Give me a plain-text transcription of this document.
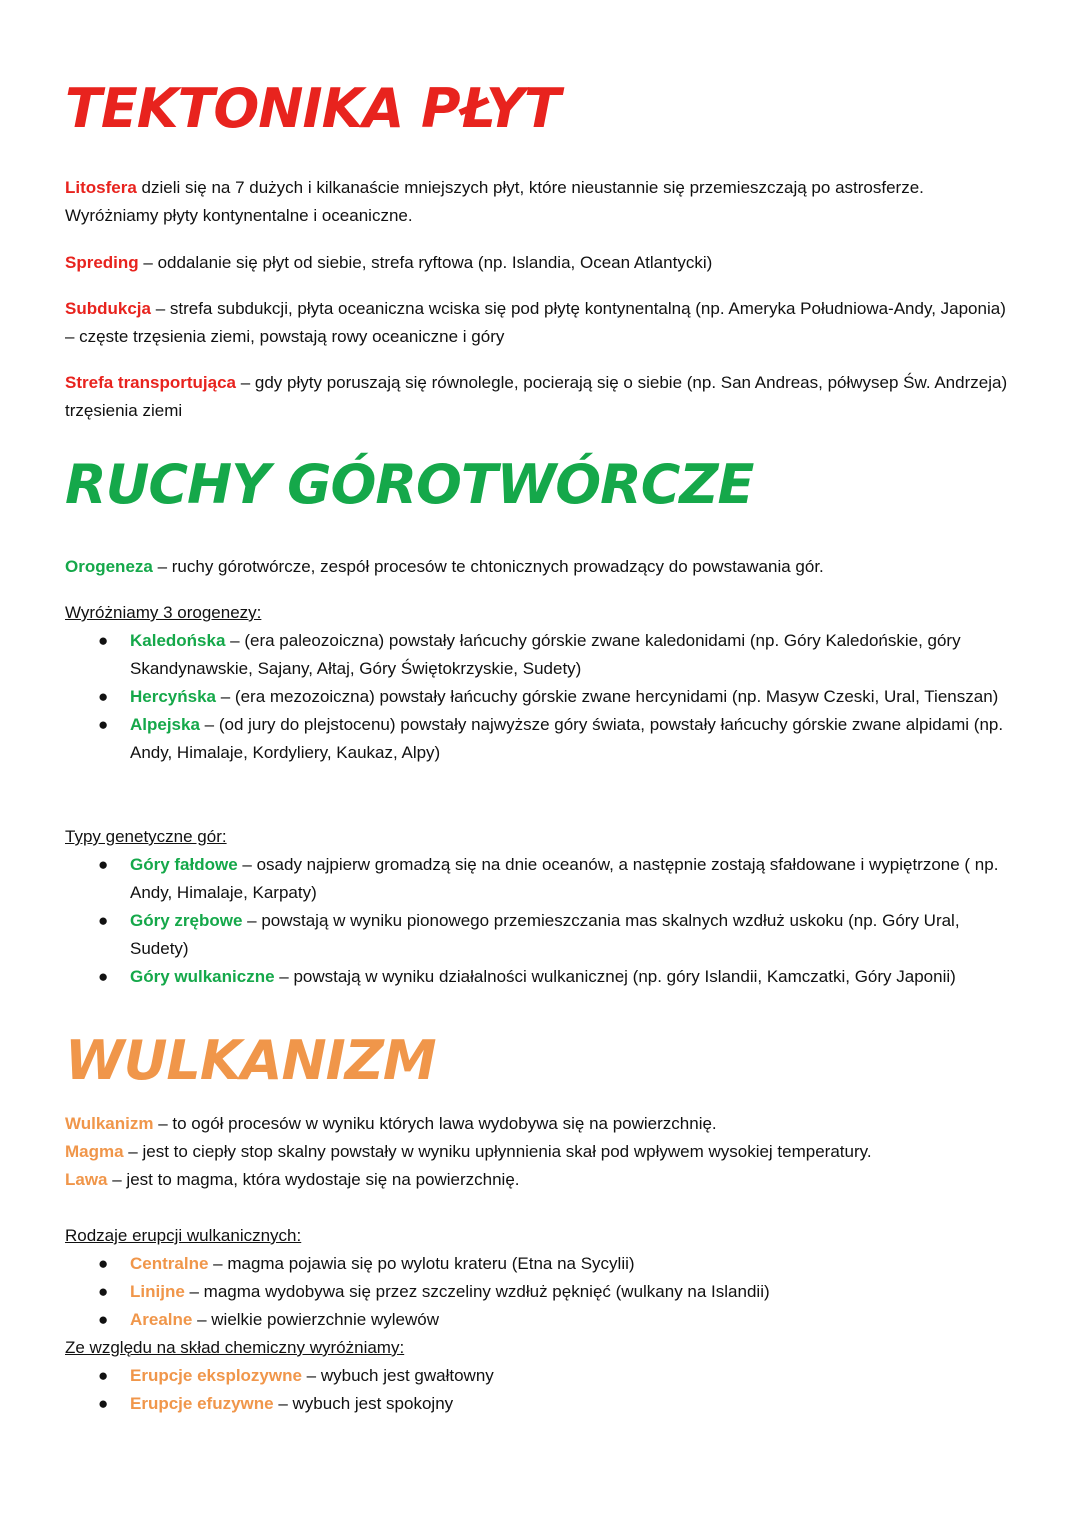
TEKTONIKA PŁYT

Litosfera dzieli się na 7 dużych i kilkanaście mniejszych płyt, które nieustannie się przemieszczają po astrosferze. Wyróżniamy płyty kontynentalne i oceaniczne.

Spreding – oddalanie się płyt od siebie, strefa ryftowa (np. Islandia, Ocean Atlantycki)

Subdukcja – strefa subdukcji, płyta oceaniczna wciska się pod płytę kontynentalną (np. Ameryka Południowa-Andy, Japonia) – częste trzęsienia ziemi, powstają rowy oceaniczne i góry

Strefa transportująca – gdy płyty poruszają się równolegle, pocierają się o siebie (np. San Andreas, półwysep Św. Andrzeja) trzęsienia ziemi

RUCHY GÓROTWÓRCZE

Orogeneza – ruchy górotwórcze, zespół procesów te chtonicznych prowadzący do powstawania gór.

Wyróżniamy 3 orogenezy:

● Kaledońska – (era paleozoiczna) powstały łańcuchy górskie zwane kaledonidami (np. Góry Kaledońskie, góry Skandynawskie, Sajany, Ałtaj, Góry Świętokrzyskie, Sudety)
● Hercyńska – (era mezozoiczna) powstały łańcuchy górskie zwane hercynidami (np. Masyw Czeski, Ural, Tienszan)
● Alpejska – (od jury do plejstocenu) powstały najwyższe góry świata, powstały łańcuchy górskie zwane alpidami (np. Andy, Himalaje, Kordyliery, Kaukaz, Alpy)

Typy genetyczne gór:

● Góry fałdowe – osady najpierw gromadzą się na dnie oceanów, a następnie zostają sfałdowane i wypiętrzone ( np. Andy, Himalaje, Karpaty)
● Góry zrębowe – powstają w wyniku pionowego przemieszczania mas skalnych wzdłuż uskoku (np. Góry Ural, Sudety)
● Góry wulkaniczne – powstają w wyniku działalności wulkanicznej (np. góry Islandii, Kamczatki, Góry Japonii)
WULKANIZM

Wulkanizm – to ogół procesów w wyniku których lawa wydobywa się na powierzchnię.

Magma – jest to ciepły stop skalny powstały w wyniku upłynnienia skał pod wpływem wysokiej temperatury.

Lawa – jest to magma, która wydostaje się na powierzchnię.

Rodzaje erupcji wulkanicznych:

● Centralne – magma pojawia się po wylotu krateru (Etna na Sycylii)
● Linijne – magma wydobywa się przez szczeliny wzdłuż pęknięć (wulkany na Islandii)
● Arealne – wielkie powierzchnie wylewów

Ze względu na skład chemiczny wyróżniamy:

● Erupcje eksplozywne – wybuch jest gwałtowny
● Erupcje efuzywne – wybuch jest spokojny
